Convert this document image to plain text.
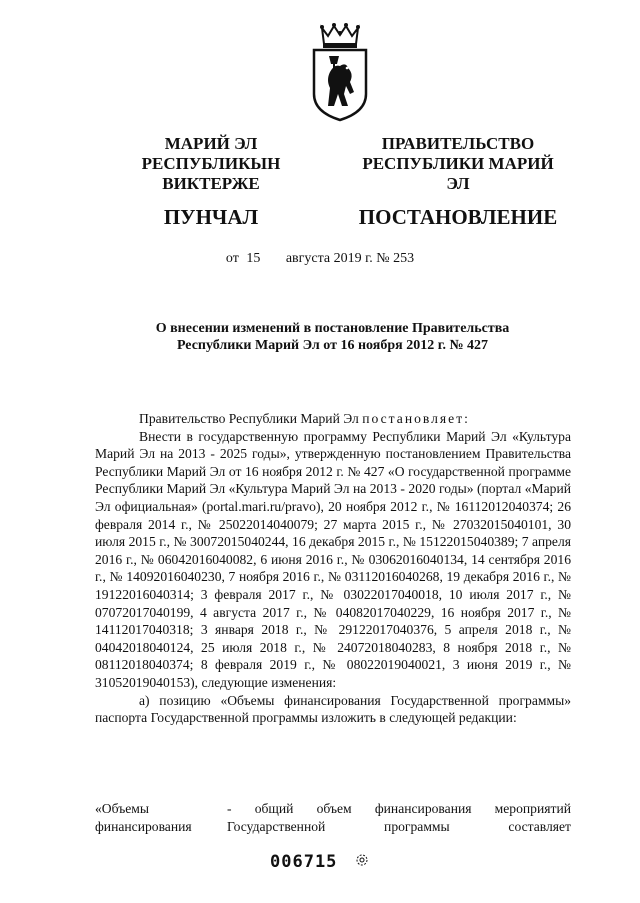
МАРИЙ ЭЛ РЕСПУБЛИКЫН
ВИКТЕРЖЕ
ПУНЧАЛ
ПРАВИТЕЛЬСТВО
РЕСПУБЛИКИ МАРИЙ ЭЛ
ПОСТАНОВЛЕНИЕ
от 15 августа 2019 г. № 253
О внесении изменений в постановление Правительства
Республики Марий Эл от 16 ноября 2012 г. № 427

Правительство Республики Марий Эл постановляет:

Внести в государственную программу Республики Марий Эл «Культура Марий Эл на 2013 - 2025 годы», утвержденную постановлением Правительства Республики Марий Эл от 16 ноября 2012 г. № 427 «О государственной программе Республики Марий Эл «Культура Марий Эл на 2013 - 2020 годы» (портал «Марий Эл официальная» (portal.mari.ru/pravo), 20 ноября 2012 г., № 16112012040374; 26 февраля 2014 г., № 25022014040079; 27 марта 2015 г., № 27032015040101, 30 июля 2015 г., № 30072015040244, 16 декабря 2015 г., № 15122015040389; 7 апреля 2016 г., № 06042016040082, 6 июня 2016 г., № 03062016040134, 14 сентября 2016 г., № 14092016040230, 7 ноября 2016 г., № 03112016040268, 19 декабря 2016 г., № 19122016040314; 3 февраля 2017 г., № 03022017040018, 10 июля 2017 г., № 07072017040199, 4 августа 2017 г., № 04082017040229, 16 ноября 2017 г., № 14112017040318; 3 января 2018 г., № 29122017040376, 5 апреля 2018 г., № 04042018040124, 25 июля 2018 г., № 24072018040283, 8 ноября 2018 г., № 08112018040374; 8 февраля 2019 г., № 08022019040021, 3 июня 2019 г., № 31052019040153), следующие изменения:

а) позицию «Объемы финансирования Государственной программы» паспорта Государственной программы изложить в следующей редакции:

«Объемы
финансирования
- общий объем финансирования мероприятий
Государственной программы составляет
006715
